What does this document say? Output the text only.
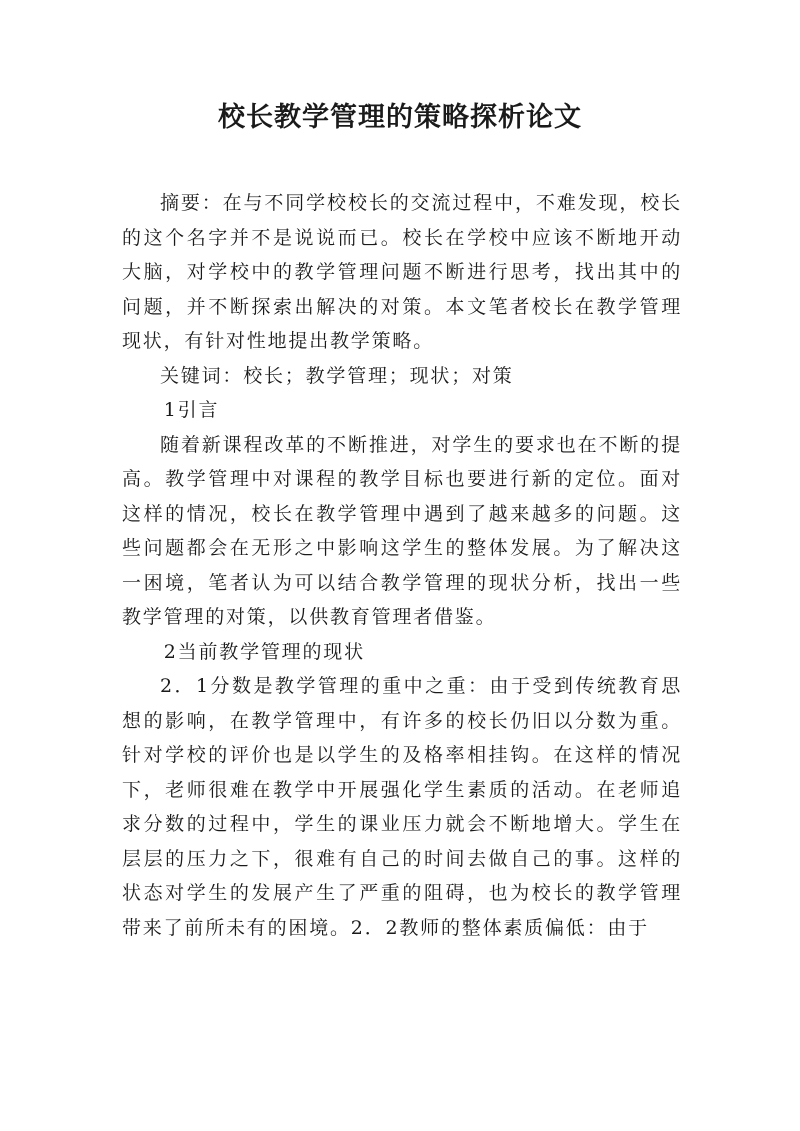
校长教学管理的策略探析论文

摘要：在与不同学校校长的交流过程中，不难发现，校长的这个名字并不是说说而已。校长在学校中应该不断地开动大脑，对学校中的教学管理问题不断进行思考，找出其中的问题，并不断探索出解决的对策。本文笔者校长在教学管理现状，有针对性地提出教学策略。

关键词：校长；教学管理；现状；对策

1引言

随着新课程改革的不断推进，对学生的要求也在不断的提高。教学管理中对课程的教学目标也要进行新的定位。面对这样的情况，校长在教学管理中遇到了越来越多的问题。这些问题都会在无形之中影响这学生的整体发展。为了解决这一困境，笔者认为可以结合教学管理的现状分析，找出一些教学管理的对策，以供教育管理者借鉴。

2当前教学管理的现状

2．1分数是教学管理的重中之重：由于受到传统教育思想的影响，在教学管理中，有许多的校长仍旧以分数为重。针对学校的评价也是以学生的及格率相挂钩。在这样的情况下，老师很难在教学中开展强化学生素质的活动。在老师追求分数的过程中，学生的课业压力就会不断地增大。学生在层层的压力之下，很难有自己的时间去做自己的事。这样的状态对学生的发展产生了严重的阻碍，也为校长的教学管理带来了前所未有的困境。2．2教师的整体素质偏低：由于
